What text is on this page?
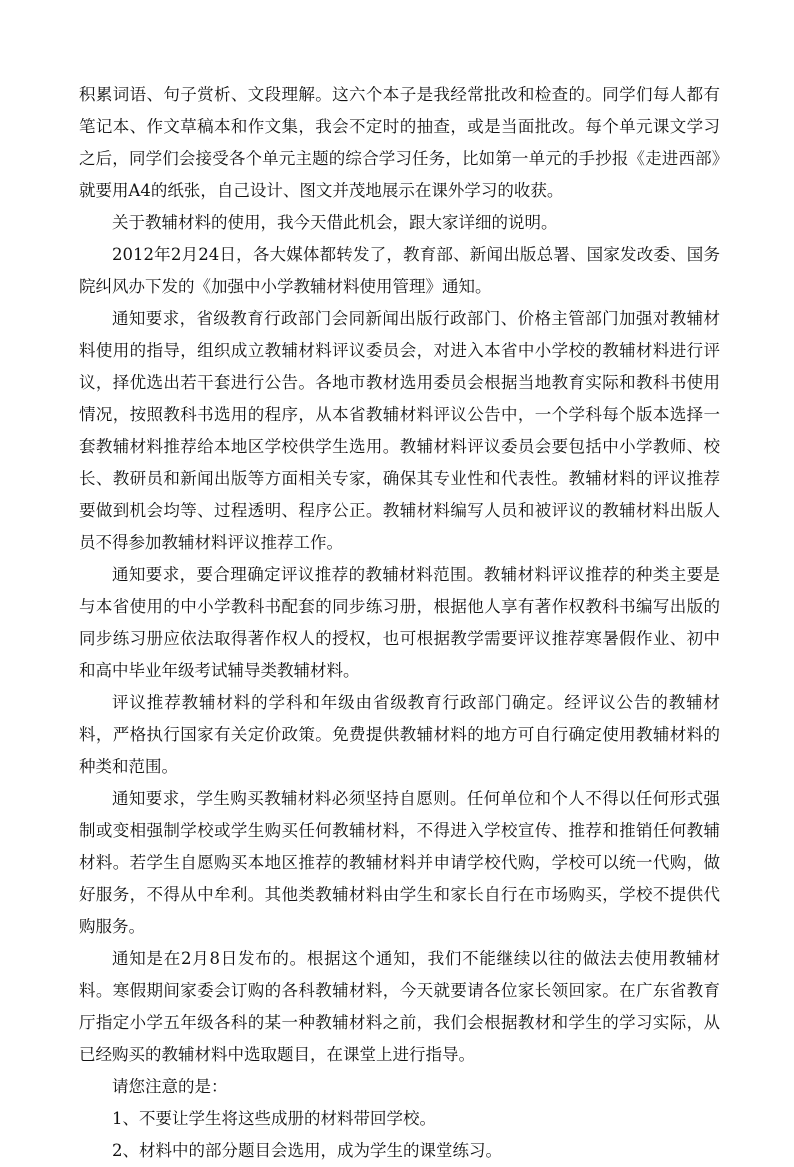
积累词语、句子赏析、文段理解。这六个本子是我经常批改和检查的。同学们每人都有笔记本、作文草稿本和作文集，我会不定时的抽查，或是当面批改。每个单元课文学习之后，同学们会接受各个单元主题的综合学习任务，比如第一单元的手抄报《走进西部》就要用A4的纸张，自己设计、图文并茂地展示在课外学习的收获。

关于教辅材料的使用，我今天借此机会，跟大家详细的说明。

2012年2月24日，各大媒体都转发了，教育部、新闻出版总署、国家发改委、国务院纠风办下发的《加强中小学教辅材料使用管理》通知。

通知要求，省级教育行政部门会同新闻出版行政部门、价格主管部门加强对教辅材料使用的指导，组织成立教辅材料评议委员会，对进入本省中小学校的教辅材料进行评议，择优选出若干套进行公告。各地市教材选用委员会根据当地教育实际和教科书使用情况，按照教科书选用的程序，从本省教辅材料评议公告中，一个学科每个版本选择一套教辅材料推荐给本地区学校供学生选用。教辅材料评议委员会要包括中小学教师、校长、教研员和新闻出版等方面相关专家，确保其专业性和代表性。教辅材料的评议推荐要做到机会均等、过程透明、程序公正。教辅材料编写人员和被评议的教辅材料出版人员不得参加教辅材料评议推荐工作。

通知要求，要合理确定评议推荐的教辅材料范围。教辅材料评议推荐的种类主要是与本省使用的中小学教科书配套的同步练习册，根据他人享有著作权教科书编写出版的同步练习册应依法取得著作权人的授权，也可根据教学需要评议推荐寒暑假作业、初中和高中毕业年级考试辅导类教辅材料。

评议推荐教辅材料的学科和年级由省级教育行政部门确定。经评议公告的教辅材料，严格执行国家有关定价政策。免费提供教辅材料的地方可自行确定使用教辅材料的种类和范围。

通知要求，学生购买教辅材料必须坚持自愿则。任何单位和个人不得以任何形式强制或变相强制学校或学生购买任何教辅材料，不得进入学校宣传、推荐和推销任何教辅材料。若学生自愿购买本地区推荐的教辅材料并申请学校代购，学校可以统一代购，做好服务，不得从中牟利。其他类教辅材料由学生和家长自行在市场购买，学校不提供代购服务。

通知是在2月8日发布的。根据这个通知，我们不能继续以往的做法去使用教辅材料。寒假期间家委会订购的各科教辅材料，今天就要请各位家长领回家。在广东省教育厅指定小学五年级各科的某一种教辅材料之前，我们会根据教材和学生的学习实际，从已经购买的教辅材料中选取题目，在课堂上进行指导。

请您注意的是：

1、不要让学生将这些成册的材料带回学校。

2、材料中的部分题目会选用，成为学生的课堂练习。
